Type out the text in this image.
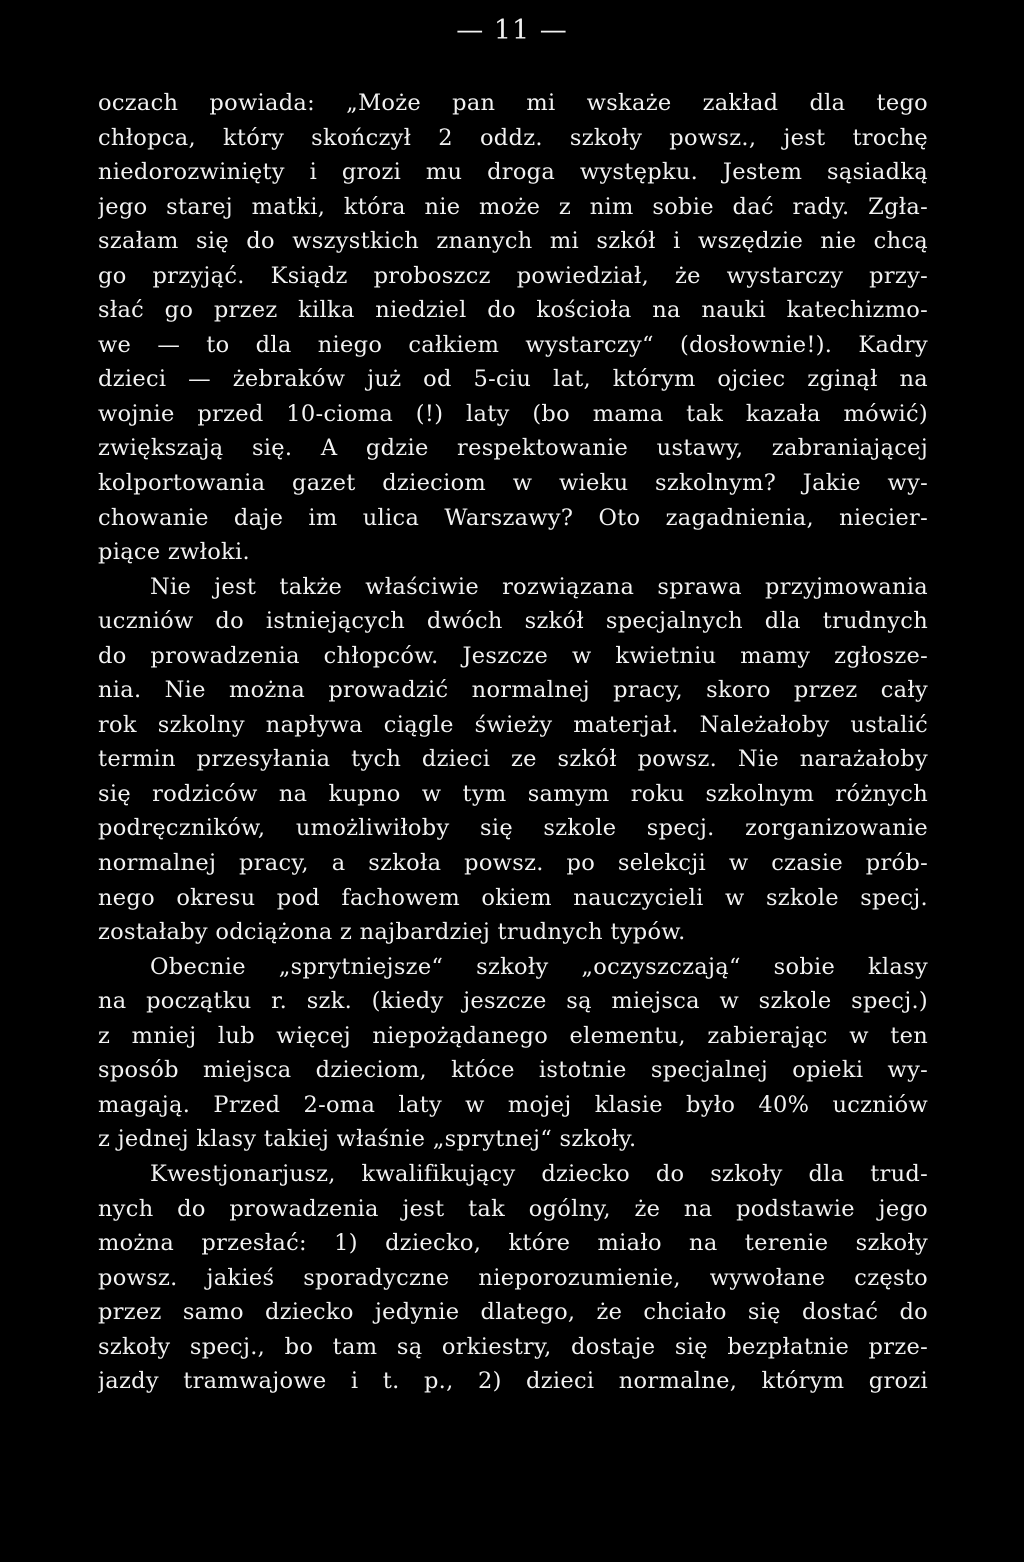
— 11 —
oczach powiada: „Może pan mi wskaże zakład dla tego
chłopca, który skończył 2 oddz. szkoły powsz., jest trochę
niedorozwinięty i grozi mu droga występku. Jestem sąsiadką
jego starej matki, która nie może z nim sobie dać rady. Zgła-
szałam się do wszystkich znanych mi szkół i wszędzie nie chcą
go przyjąć. Ksiądz proboszcz powiedział, że wystarczy przy-
słać go przez kilka niedziel do kościoła na nauki katechizmo-
we — to dla niego całkiem wystarczy“ (dosłownie!). Kadry
dzieci — żebraków już od 5-ciu lat, którym ojciec zginął na
wojnie przed 10-cioma (!) laty (bo mama tak kazała mówić)
zwiększają się. A gdzie respektowanie ustawy, zabraniającej
kolportowania gazet dzieciom w wieku szkolnym? Jakie wy-
chowanie daje im ulica Warszawy? Oto zagadnienia, niecier-
piące zwłoki.
Nie jest także właściwie rozwiązana sprawa przyjmowania
uczniów do istniejących dwóch szkół specjalnych dla trudnych
do prowadzenia chłopców. Jeszcze w kwietniu mamy zgłosze-
nia. Nie można prowadzić normalnej pracy, skoro przez cały
rok szkolny napływa ciągle świeży materjał. Należałoby ustalić
termin przesyłania tych dzieci ze szkół powsz. Nie narażałoby
się rodziców na kupno w tym samym roku szkolnym różnych
podręczników, umożliwiłoby się szkole specj. zorganizowanie
normalnej pracy, a szkoła powsz. po selekcji w czasie prób-
nego okresu pod fachowem okiem nauczycieli w szkole specj.
zostałaby odciążona z najbardziej trudnych typów.
Obecnie „sprytniejsze“ szkoły „oczyszczają“ sobie klasy
na początku r. szk. (kiedy jeszcze są miejsca w szkole specj.)
z mniej lub więcej niepożądanego elementu, zabierając w ten
sposób miejsca dzieciom, któce istotnie specjalnej opieki wy-
magają. Przed 2-oma laty w mojej klasie było 40% uczniów
z jednej klasy takiej właśnie „sprytnej“ szkoły.
Kwestjonarjusz, kwalifikujący dziecko do szkoły dla trud-
nych do prowadzenia jest tak ogólny, że na podstawie jego
można przesłać: 1) dziecko, które miało na terenie szkoły
powsz. jakieś sporadyczne nieporozumienie, wywołane często
przez samo dziecko jedynie dlatego, że chciało się dostać do
szkoły specj., bo tam są orkiestry, dostaje się bezpłatnie prze-
jazdy tramwajowe i t. p., 2) dzieci normalne, którym grozi
